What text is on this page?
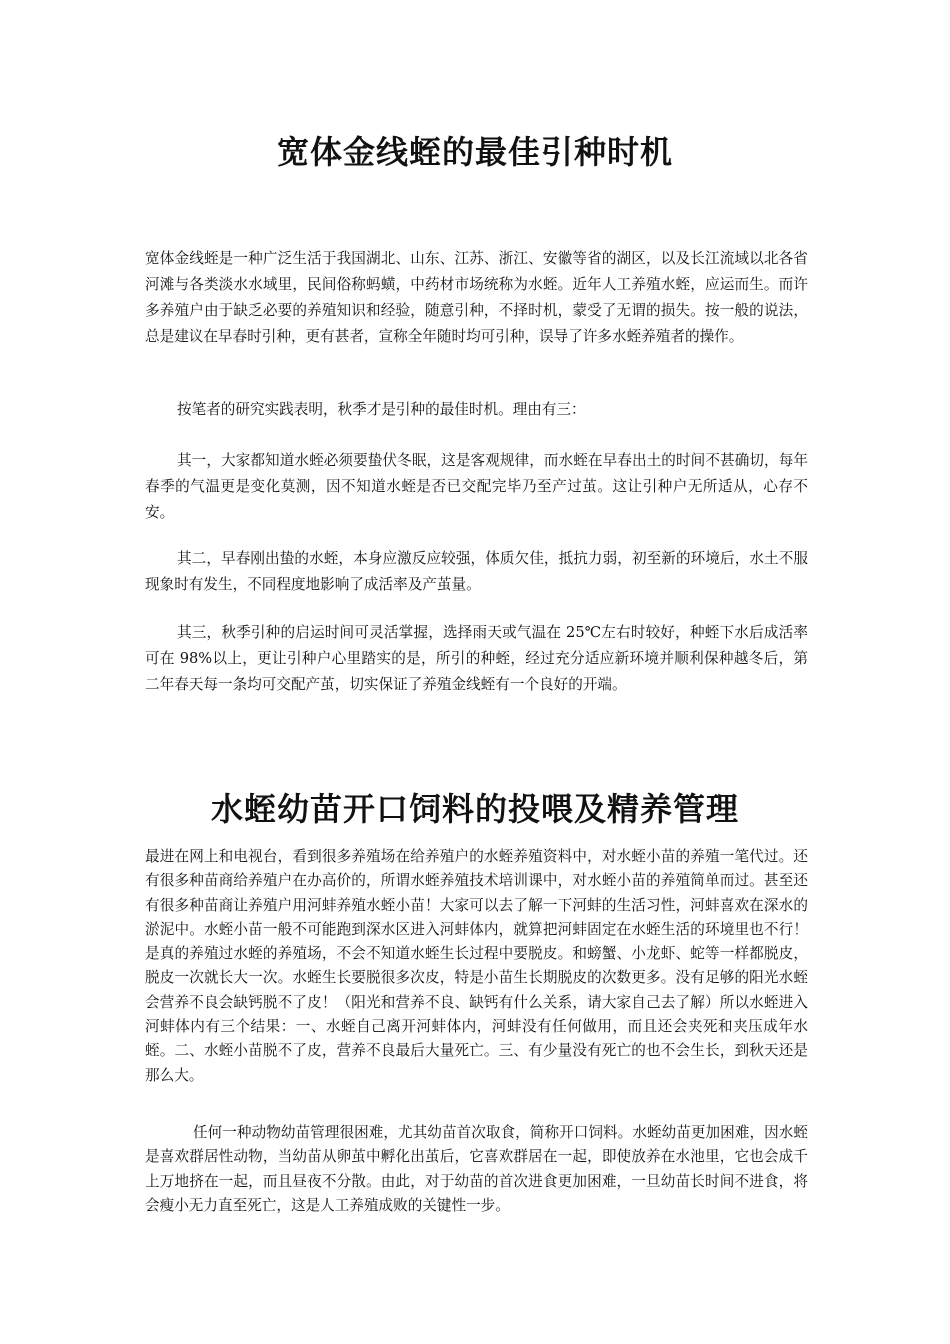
宽体金线蛭的最佳引种时机

宽体金线蛭是一种广泛生活于我国湖北、山东、江苏、浙江、安徽等省的湖区，以及长江流域以北各省河滩与各类淡水水域里，民间俗称蚂蟥，中药材市场统称为水蛭。近年人工养殖水蛭，应运而生。而许多养殖户由于缺乏必要的养殖知识和经验，随意引种，不择时机，蒙受了无谓的损失。按一般的说法，总是建议在早春时引种，更有甚者，宣称全年随时均可引种，误导了许多水蛭养殖者的操作。

按笔者的研究实践表明，秋季才是引种的最佳时机。理由有三：

其一，大家都知道水蛭必须要蛰伏冬眠，这是客观规律，而水蛭在早春出土的时间不甚确切，每年春季的气温更是变化莫测，因不知道水蛭是否已交配完毕乃至产过茧。这让引种户无所适从，心存不安。

其二，早春刚出蛰的水蛭，本身应激反应较强，体质欠佳，抵抗力弱，初至新的环境后，水土不服现象时有发生，不同程度地影响了成活率及产茧量。

其三，秋季引种的启运时间可灵活掌握，选择雨天或气温在 25℃左右时较好，种蛭下水后成活率可在 98%以上，更让引种户心里踏实的是，所引的种蛭，经过充分适应新环境并顺利保种越冬后，第二年春天每一条均可交配产茧，切实保证了养殖金线蛭有一个良好的开端。

水蛭幼苗开口饲料的投喂及精养管理

最进在网上和电视台，看到很多养殖场在给养殖户的水蛭养殖资料中，对水蛭小苗的养殖一笔代过。还有很多种苗商给养殖户在办高价的，所谓水蛭养殖技术培训课中，对水蛭小苗的养殖简单而过。甚至还有很多种苗商让养殖户用河蚌养殖水蛭小苗！大家可以去了解一下河蚌的生活习性，河蚌喜欢在深水的淤泥中。水蛭小苗一般不可能跑到深水区进入河蚌体内，就算把河蚌固定在水蛭生活的环境里也不行！是真的养殖过水蛭的养殖场，不会不知道水蛭生长过程中要脱皮。和螃蟹、小龙虾、蛇等一样都脱皮，脱皮一次就长大一次。水蛭生长要脱很多次皮，特是小苗生长期脱皮的次数更多。没有足够的阳光水蛭会营养不良会缺钙脱不了皮！（阳光和营养不良、缺钙有什么关系，请大家自己去了解）所以水蛭进入河蚌体内有三个结果：一、水蛭自己离开河蚌体内，河蚌没有任何做用，而且还会夹死和夹压成年水蛭。二、水蛭小苗脱不了皮，营养不良最后大量死亡。三、有少量没有死亡的也不会生长，到秋天还是那么大。

任何一种动物幼苗管理很困难，尤其幼苗首次取食，简称开口饲料。水蛭幼苗更加困难，因水蛭是喜欢群居性动物，当幼苗从卵茧中孵化出茧后，它喜欢群居在一起，即使放养在水池里，它也会成千上万地挤在一起，而且昼夜不分散。由此，对于幼苗的首次进食更加困难，一旦幼苗长时间不进食，将会瘦小无力直至死亡，这是人工养殖成败的关键性一步。
